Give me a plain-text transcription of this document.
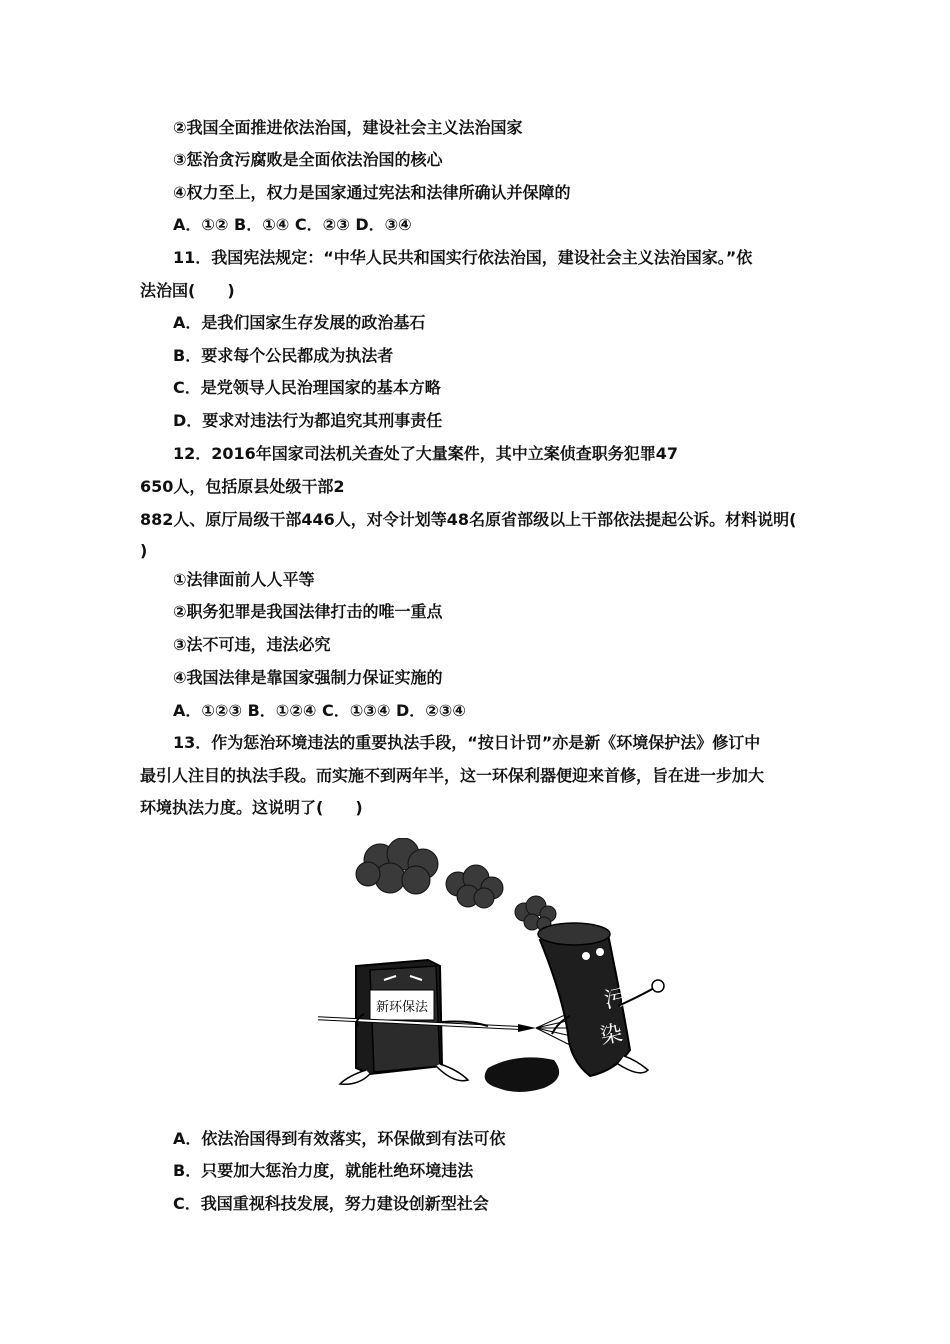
②我国全面推进依法治国，建设社会主义法治国家
③惩治贪污腐败是全面依法治国的核心
④权力至上，权力是国家通过宪法和法律所确认并保障的
A．①② B．①④ C．②③ D．③④
11．我国宪法规定：“中华人民共和国实行依法治国，建设社会主义法治国家。”依
法治国(　　)
A．是我们国家生存发展的政治基石
B．要求每个公民都成为执法者
C．是党领导人民治理国家的基本方略
D．要求对违法行为都追究其刑事责任
12．2016年国家司法机关查处了大量案件，其中立案侦查职务犯罪47
650人，包括原县处级干部2
882人、原厅局级干部446人，对令计划等48名原省部级以上干部依法提起公诉。材料说明(
)
①法律面前人人平等
②职务犯罪是我国法律打击的唯一重点
③法不可违，违法必究
④我国法律是靠国家强制力保证实施的
A．①②③ B．①②④ C．①③④ D．②③④
13．作为惩治环境违法的重要执法手段，“按日计罚”亦是新《环境保护法》修订中
最引人注目的执法手段。而实施不到两年半，这一环保利器便迎来首修，旨在进一步加大
环境执法力度。这说明了(　　)
新环保法	污
染
A．依法治国得到有效落实，环保做到有法可依
B．只要加大惩治力度，就能杜绝环境违法
C．我国重视科技发展，努力建设创新型社会
